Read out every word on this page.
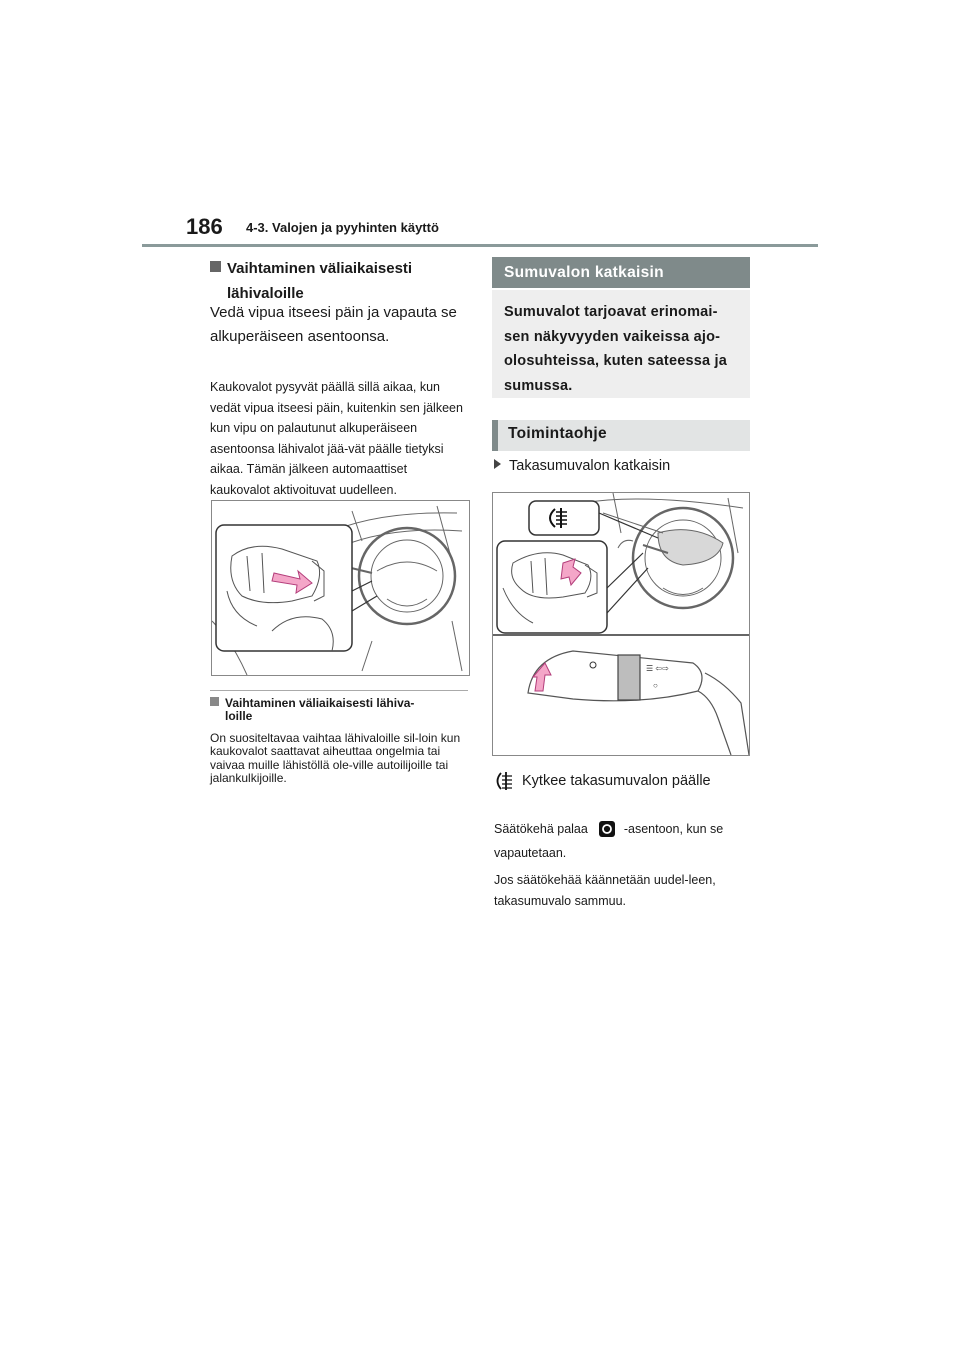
186 4-3. Valojen ja pyyhinten käyttö
Vaihtaminen väliaikaisesti
lähivaloille
Vedä vipua itseesi päin ja vapauta se alkuperäiseen asentoonsa.
Kaukovalot pysyvät päällä sillä aikaa, kun vedät vipua itseesi päin, kuitenkin sen jälkeen kun vipu on palautunut alkuperäiseen asentoonsa lähivalot jää-vät päälle tietyksi aikaa. Tämän jälkeen automaattiset kaukovalot aktivoituvat uudelleen.
Vaihtaminen väliaikaisesti lähiva-
loille
On suositeltavaa vaihtaa lähivaloille sil-loin kun kaukovalot saattavat aiheuttaa ongelmia tai vaivaa muille lähistöllä ole-ville autoilijoille tai jalankulkijoille.
Sumuvalon katkaisin
Sumuvalot tarjoavat erinomai-sen näkyvyyden vaikeissa ajo-olosuhteissa, kuten sateessa ja sumussa.
Toimintaohje
Takasumuvalon katkaisin
☰ ⇦⇨
○
Kytkee takasumuvalon päälle
Säätökehä palaa	-asentoon, kun se
vapautetaan.
Jos säätökehää käännetään uudel-leen, takasumuvalo sammuu.
